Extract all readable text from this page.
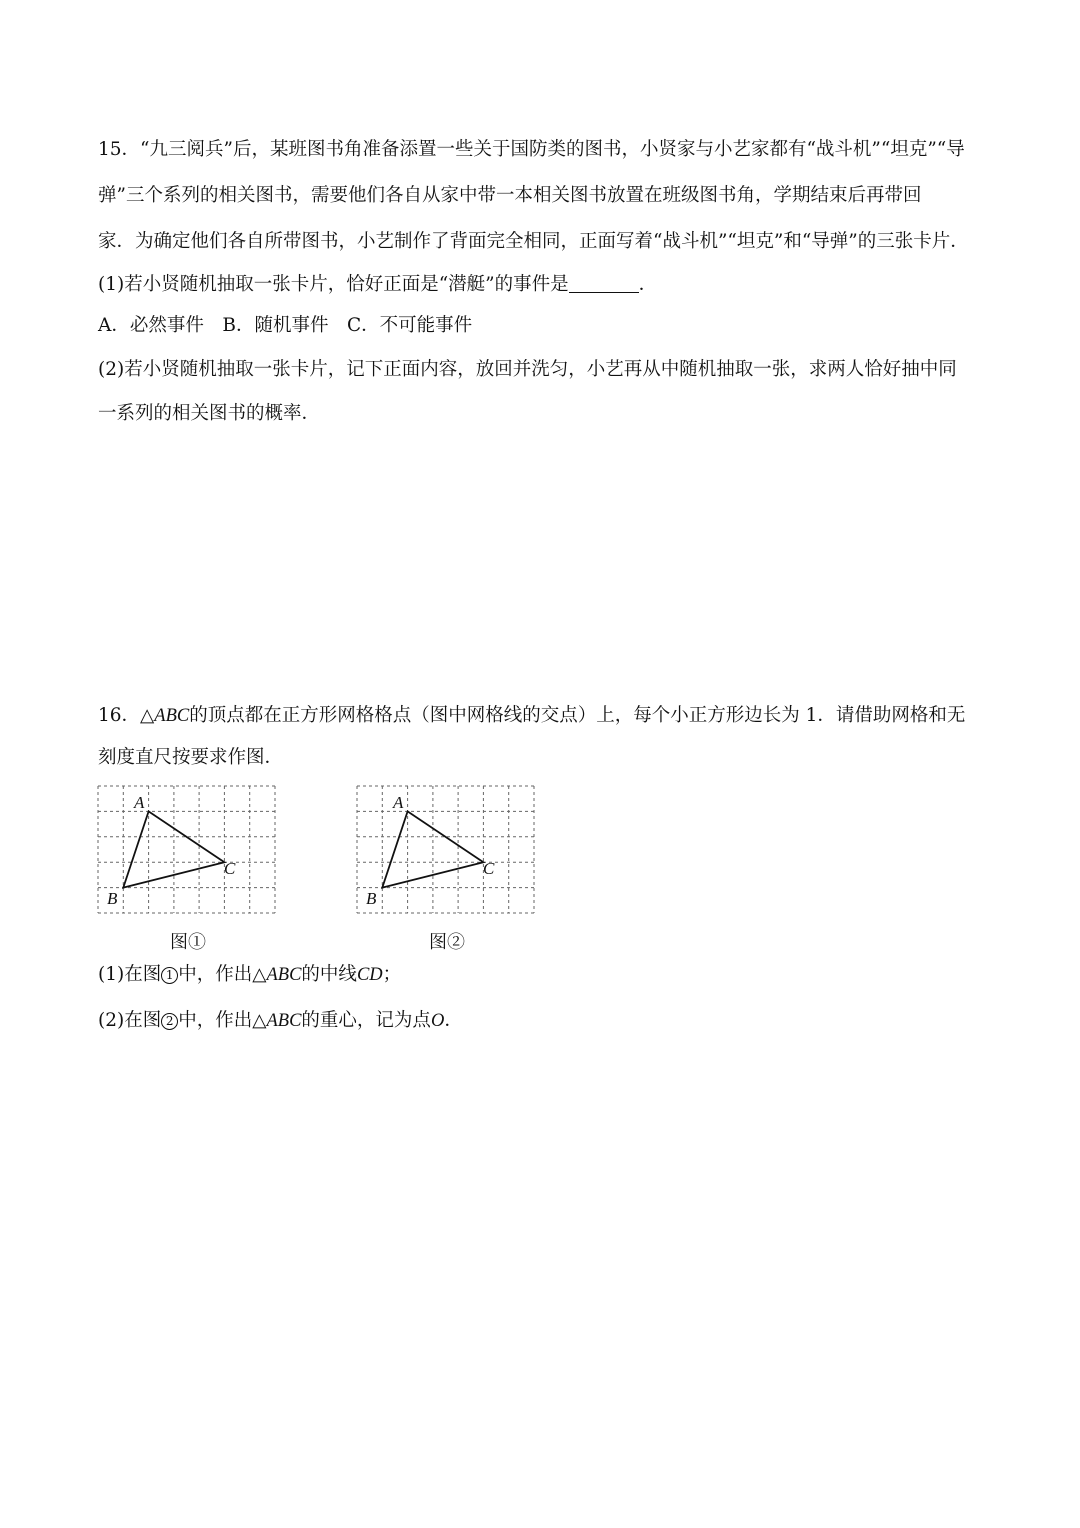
15．“九三阅兵”后，某班图书角准备添置一些关于国防类的图书，小贤家与小艺家都有“战斗机”“坦克”“导
弹”三个系列的相关图书，需要他们各自从家中带一本相关图书放置在班级图书角，学期结束后再带回
家．为确定他们各自所带图书，小艺制作了背面完全相同，正面写着“战斗机”“坦克”和“导弹”的三张卡片．
(1)若小贤随机抽取一张卡片，恰好正面是“潜艇”的事件是	．
A．必然事件　B．随机事件　C．不可能事件
(2)若小贤随机抽取一张卡片，记下正面内容，放回并洗匀，小艺再从中随机抽取一张，求两人恰好抽中同
一系列的相关图书的概率．
16．△ABC的顶点都在正方形网格格点（图中网格线的交点）上，每个小正方形边长为 1．请借助网格和无
刻度直尺按要求作图．
(1)在图 1 中，作出△ABC的中线CD；
(2)在图 2 中，作出△ABC的重心，记为点O．
A
B
C
图①
A
B
C
图②
